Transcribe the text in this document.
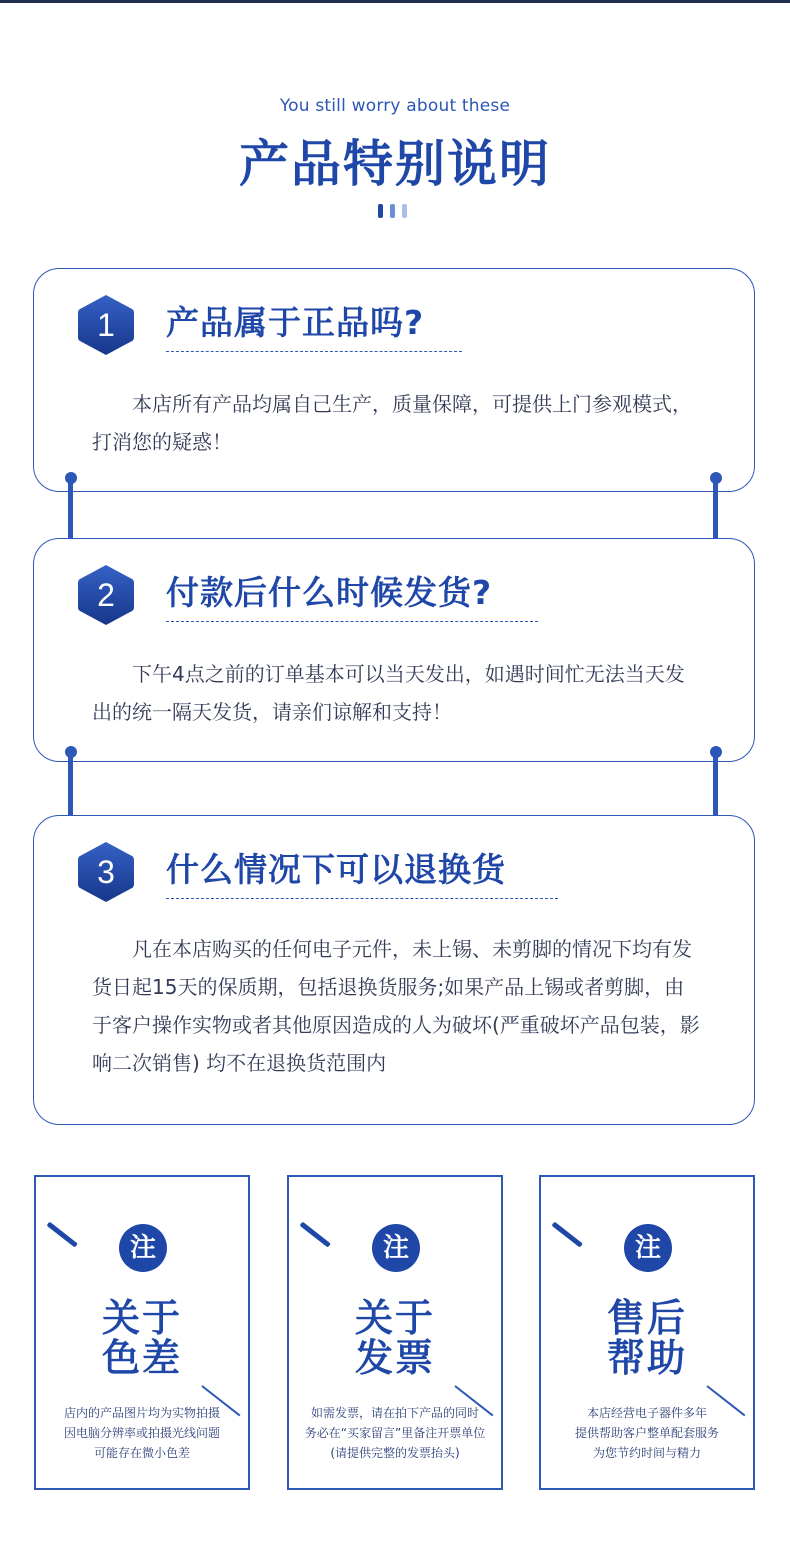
You still worry about these
产品特别说明
1	产品属于正品吗?

本店所有产品均属自己生产，质量保障，可提供上门参观模式，打消您的疑惑！

2	付款后什么时候发货?

下午4点之前的订单基本可以当天发出，如遇时间忙无法当天发出的统一隔天发货，请亲们谅解和支持！

3	什么情况下可以退换货

凡在本店购买的任何电子元件，未上锡、未剪脚的情况下均有发货日起15天的保质期，包括退换货服务;如果产品上锡或者剪脚，由于客户操作实物或者其他原因造成的人为破坏(严重破坏产品包装，影响二次销售) 均不在退换货范围内

注
关于
色差
店内的产品图片均为实物拍摄
因电脑分辨率或拍摄光线问题
可能存在微小色差
注
关于
发票
如需发票，请在拍下产品的同时
务必在“买家留言”里备注开票单位
(请提供完整的发票抬头)
注
售后
帮助
本店经营电子器件多年
提供帮助客户整单配套服务
为您节约时间与精力
